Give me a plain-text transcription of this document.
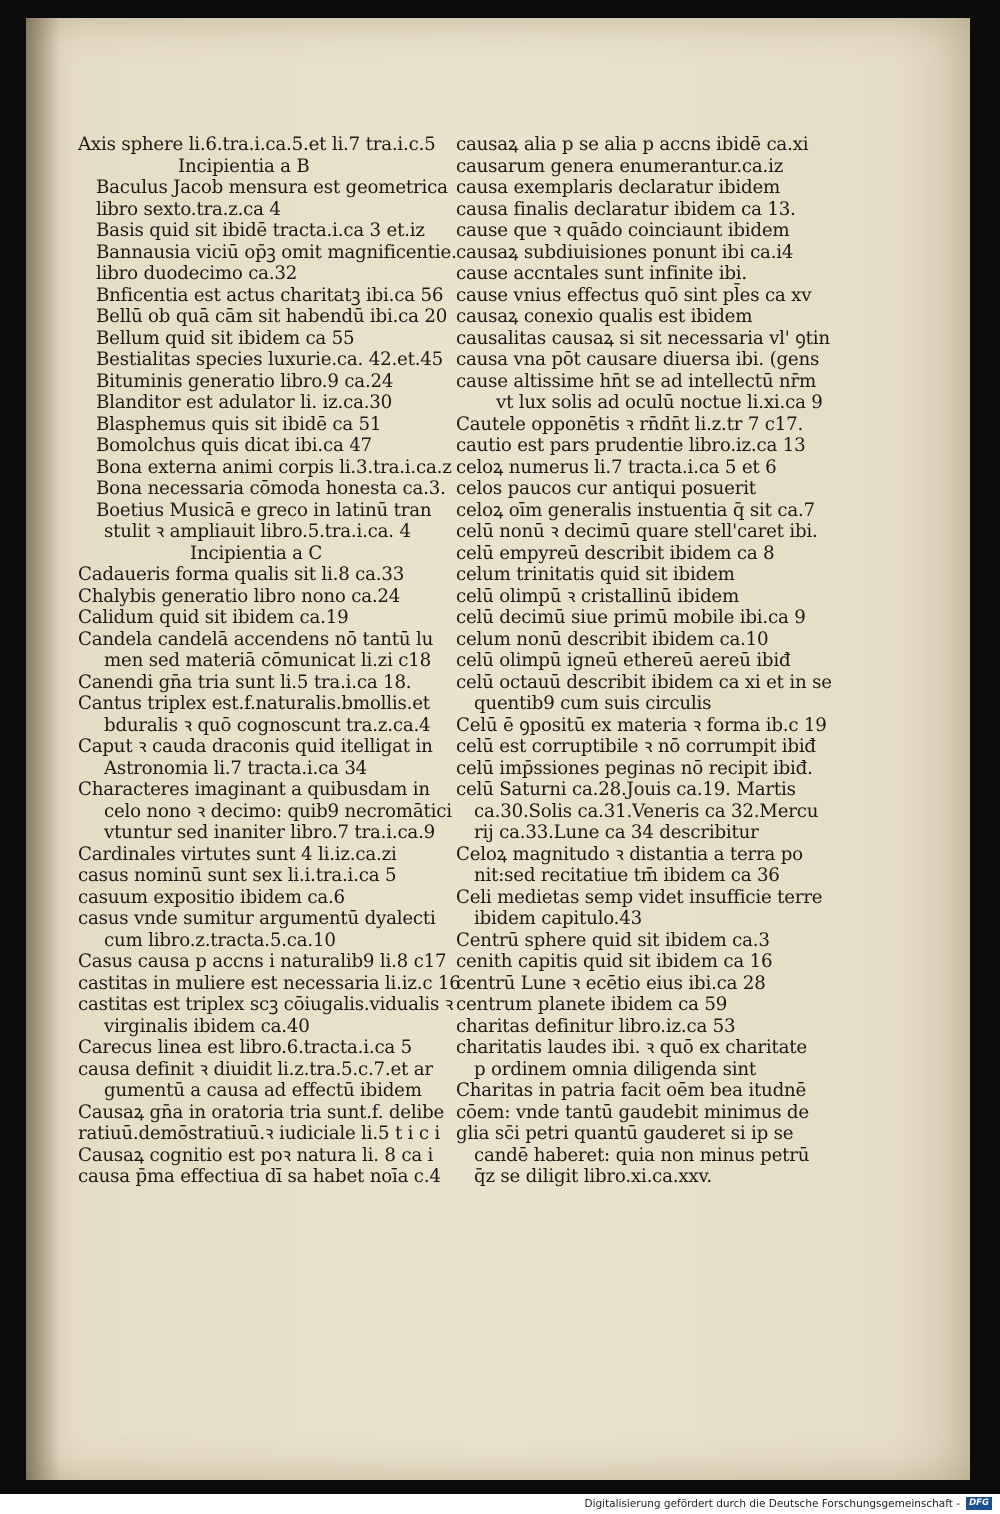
Axis sphere li.6.tra.i.ca.5.et li.7 tra.i.c.5
Incipientia a B
Baculus Jacob mensura est geometrica
libro sexto.tra.z.ca 4
Basis quid sit ibidē tracta.i.ca 3 et.iz
Bannausia viciū op̄ꝫ omit magnificentie.
libro duodecimo ca.32
Bnficentia est actus charitatꝫ ibi.ca 56
Bellū ob quā cām sit habendū ibi.ca 20
Bellum quid sit ibidem ca 55
Bestialitas species luxurie.ca. 42.et.45
Bituminis generatio libro.9 ca.24
Blanditor est adulator li. iz.ca.30
Blasphemus quis sit ibidē ca 51
Bomolchus quis dicat ibi.ca 47
Bona externa animi corpis li.3.tra.i.ca.z
Bona necessaria cōmoda honesta ca.3.
Boetius Musicā e greco in latinū tran
stulit ꝛ ampliauit libro.5.tra.i.ca. 4
Incipientia a C
Cadaueris forma qualis sit li.8 ca.33
Chalybis generatio libro nono ca.24
Calidum quid sit ibidem ca.19
Candela candelā accendens nō tantū lu
men sed materiā cōmunicat li.zi c18
Canendi gn̄a tria sunt li.5 tra.i.ca 18.
Cantus triplex est.f.naturalis.bmollis.et
bduralis ꝛ quō cognoscunt tra.z.ca.4
Caput ꝛ cauda draconis quid itelligat in
Astronomia li.7 tracta.i.ca 34
Characteres imaginant a quibusdam in
celo nono ꝛ decimo: quib9 necromātici
vtuntur sed inaniter libro.7 tra.i.ca.9
Cardinales virtutes sunt 4 li.iz.ca.zi
casus nominū sunt sex li.i.tra.i.ca 5
casuum expositio ibidem ca.6
casus vnde sumitur argumentū dyalecti
cum libro.z.tracta.5.ca.10
Casus causa p accns i naturalib9 li.8 c17
castitas in muliere est necessaria li.iz.c 16
castitas est triplex scꝫ cōiugalis.vidualis ꝛ
virginalis ibidem ca.40
Carecus linea est libro.6.tracta.i.ca 5
causa definit ꝛ diuidit li.z.tra.5.c.7.et ar
gumentū a causa ad effectū ibidem
Causaꝝ gn̄a in oratoria tria sunt.f. delibe
ratiuū.demōstratiuū.ꝛ iudiciale li.5 t i c i
Causaꝝ cognitio est poꝛ natura li. 8 ca i
causa p̄ma effectiua dī sa habet noīa c.4
causaꝝ alia p se alia p accns ibidē ca.xi
causarum genera enumerantur.ca.iz
causa exemplaris declaratur ibidem
causa finalis declaratur ibidem ca 13.
cause que ꝛ quādo coinciaunt ibidem
causaꝝ subdiuisiones ponunt ibi ca.i4
cause accntales sunt infinite ibi.
cause vnius effectus quō sint pl̄es ca xv
causaꝝ conexio qualis est ibidem
causalitas causaꝝ si sit necessaria vl' ꝯtin
causa vna pōt causare diuersa ibi. (gens
cause altissime hn̄t se ad intellectū nr̄m
vt lux solis ad oculū noctue li.xi.ca 9
Cautele opponētis ꝛ rn̄dn̄t li.z.tr 7 c17.
cautio est pars prudentie libro.iz.ca 13
celoꝝ numerus li.7 tracta.i.ca 5 et 6
celos paucos cur antiqui posuerit
celoꝝ oīm generalis instuentia q̄ sit ca.7
celū nonū ꝛ decimū quare stell'caret ibi.
celū empyreū describit ibidem ca 8
celum trinitatis quid sit ibidem
celū olimpū ꝛ cristallinū ibidem
celū decimū siue primū mobile ibi.ca 9
celum nonū describit ibidem ca.10
celū olimpū igneū ethereū aereū ibiđ
celū octauū describit ibidem ca xi et in se
quentib9 cum suis circulis
Celū ē ꝯpositū ex materia ꝛ forma ib.c 19
celū est corruptibile ꝛ nō corrumpit ibiđ
celū imp̄ssiones peginas nō recipit ibiđ.
celū Saturni ca.28.Jouis ca.19. Martis
ca.30.Solis ca.31.Veneris ca 32.Mercu
rij ca.33.Lune ca 34 describitur
Celoꝝ magnitudo ꝛ distantia a terra po
nit:sed recitatiue tm̄ ibidem ca 36
Celi medietas semp videt insufficie terre
ibidem capitulo.43
Centrū sphere quid sit ibidem ca.3
cenith capitis quid sit ibidem ca 16
centrū Lune ꝛ ecētio eius ibi.ca 28
centrum planete ibidem ca 59
charitas definitur libro.iz.ca 53
charitatis laudes ibi. ꝛ quō ex charitate
p ordinem omnia diligenda sint
Charitas in patria facit oēm bea itudnē
cōem: vnde tantū gaudebit minimus de
glia sc̄i petri quantū gauderet si ip se
candē haberet: quia non minus petrū
q̄z se diligit libro.xi.ca.xxv.
Digitalisierung gefördert durch die Deutsche Forschungsgemeinschaft -	DFG
